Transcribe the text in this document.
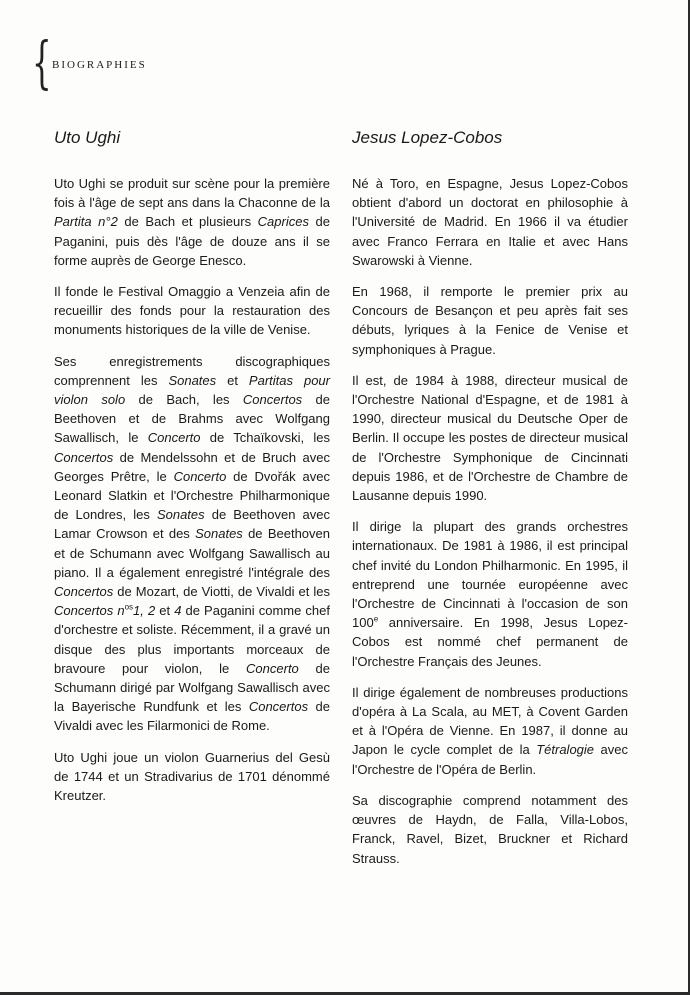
{ BIOGRAPHIES
Uto Ughi

Uto Ughi se produit sur scène pour la première fois à l'âge de sept ans dans la Chaconne de la Partita n°2 de Bach et plusieurs Caprices de Paganini, puis dès l'âge de douze ans il se forme auprès de George Enesco.

Il fonde le Festival Omaggio a Venzeia afin de recueillir des fonds pour la restauration des monuments historiques de la ville de Venise.

Ses enregistrements discographiques comprennent les Sonates et Partitas pour violon solo de Bach, les Concertos de Beethoven et de Brahms avec Wolfgang Sawallisch, le Concerto de Tchaïkovski, les Concertos de Mendelssohn et de Bruch avec Georges Prêtre, le Concerto de Dvořák avec Leonard Slatkin et l'Orchestre Philharmonique de Londres, les Sonates de Beethoven avec Lamar Crowson et des Sonates de Beethoven et de Schumann avec Wolfgang Sawallisch au piano. Il a également enregistré l'intégrale des Concertos de Mozart, de Viotti, de Vivaldi et les Concertos $n^{os}1$, 2 et 4 de Paganini comme chef d'orchestre et soliste. Récemment, il a gravé un disque des plus importants morceaux de bravoure pour violon, le Concerto de Schumann dirigé par Wolfgang Sawallisch avec la Bayerische Rundfunk et les Concertos de Vivaldi avec les Filarmonici de Rome.

Uto Ughi joue un violon Guarnerius del Gesù de 1744 et un Stradivarius de 1701 dénommé Kreutzer.

Jesus Lopez-Cobos

Né à Toro, en Espagne, Jesus Lopez-Cobos obtient d'abord un doctorat en philosophie à l'Université de Madrid. En 1966 il va étudier avec Franco Ferrara en Italie et avec Hans Swarowski à Vienne.

En 1968, il remporte le premier prix au Concours de Besançon et peu après fait ses débuts, lyriques à la Fenice de Venise et symphoniques à Prague.

Il est, de 1984 à 1988, directeur musical de l'Orchestre National d'Espagne, et de 1981 à 1990, directeur musical du Deutsche Oper de Berlin. Il occupe les postes de directeur musical de l'Orchestre Symphonique de Cincinnati depuis 1986, et de l'Orchestre de Chambre de Lausanne depuis 1990.

Il dirige la plupart des grands orchestres internationaux. De 1981 à 1986, il est principal chef invité du London Philharmonic. En 1995, il entreprend une tournée européenne avec l'Orchestre de Cincinnati à l'occasion de son 100e anniversaire. En 1998, Jesus Lopez-Cobos est nommé chef permanent de l'Orchestre Français des Jeunes.

Il dirige également de nombreuses productions d'opéra à La Scala, au MET, à Covent Garden et à l'Opéra de Vienne. En 1987, il donne au Japon le cycle complet de la Tétralogie avec l'Orchestre de l'Opéra de Berlin.

Sa discographie comprend notamment des œuvres de Haydn, de Falla, Villa-Lobos, Franck, Ravel, Bizet, Bruckner et Richard Strauss.
